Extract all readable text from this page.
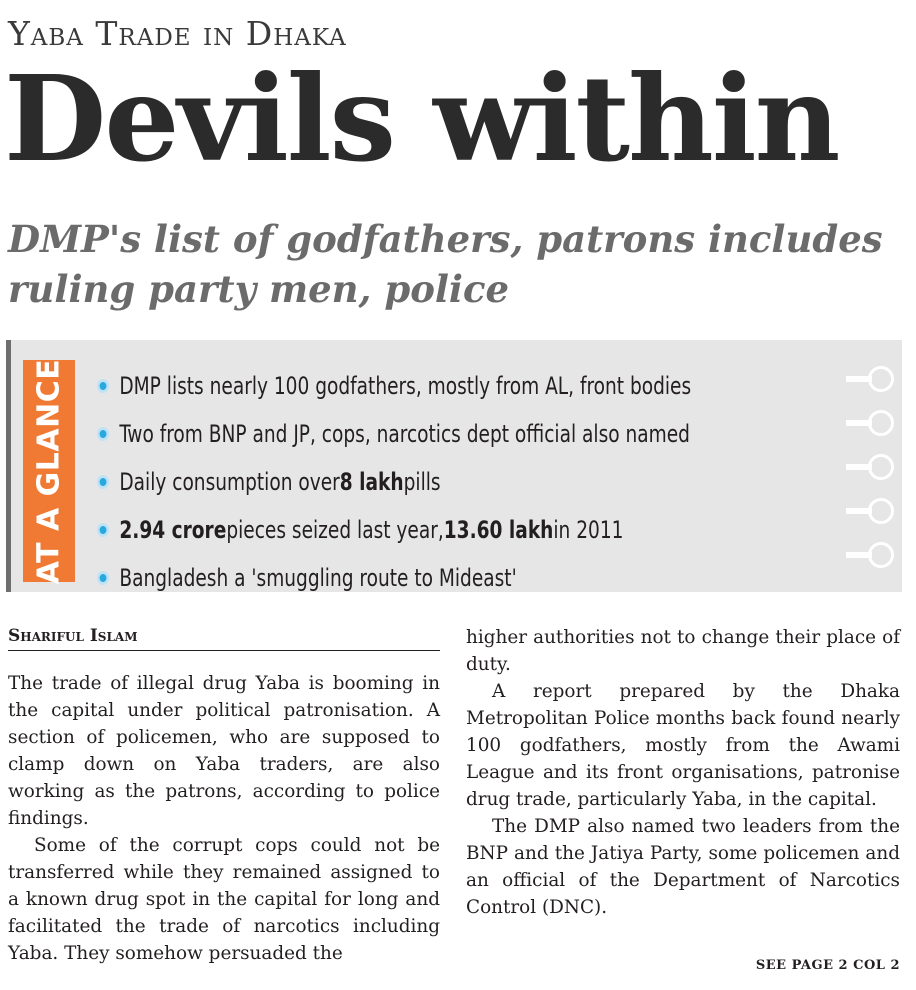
Yaba Trade in Dhaka
Devils within
DMP's list of godfathers, patrons includes ruling party men, police
AT A GLANCE DMP lists nearly 100 godfathers, mostly from AL, front bodies
Two from BNP and JP, cops, narcotics dept official also named
Daily consumption over 8 lakh pills
2.94 crore pieces seized last year, 13.60 lakh in 2011
Bangladesh a 'smuggling route to Mideast'
Shariful Islam

The trade of illegal drug Yaba is booming in the capital under political patronisation. A section of policemen, who are supposed to clamp down on Yaba traders, are also working as the patrons, according to police findings.

Some of the corrupt cops could not be transferred while they remained assigned to a known drug spot in the capital for long and facilitated the trade of narcotics including Yaba. They somehow persuaded the

higher authorities not to change their place of duty.

A report prepared by the Dhaka Metropolitan Police months back found nearly 100 godfathers, mostly from the Awami League and its front organisations, patronise drug trade, particularly Yaba, in the capital.

The DMP also named two leaders from the BNP and the Jatiya Party, some policemen and an official of the Department of Narcotics Control (DNC).

SEE PAGE 2 COL 2
